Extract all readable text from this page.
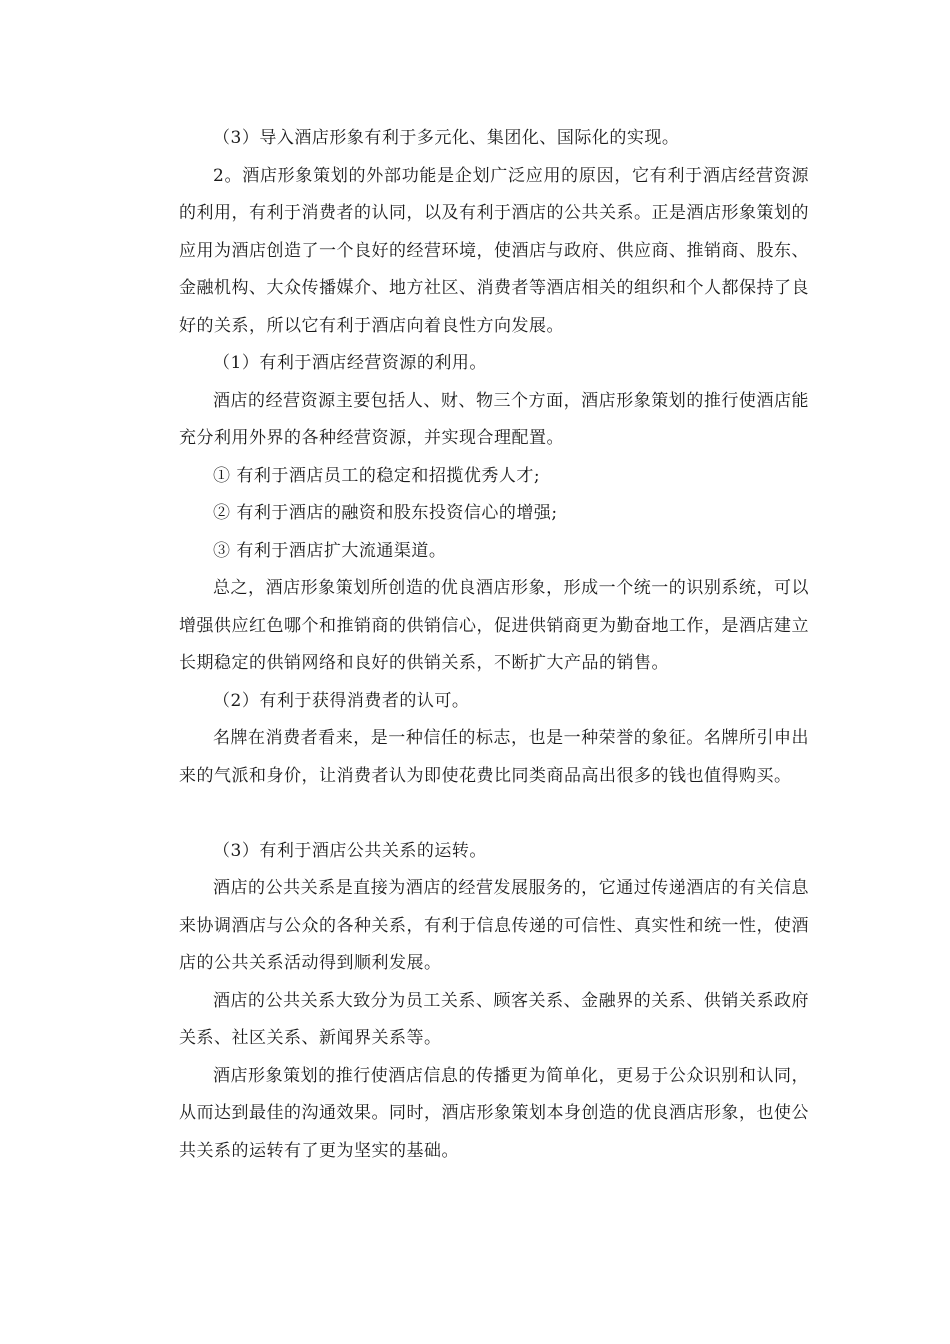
（3）导入酒店形象有利于多元化、集团化、国际化的实现。

2。酒店形象策划的外部功能是企划广泛应用的原因，它有利于酒店经营资源的利用，有利于消费者的认同，以及有利于酒店的公共关系。正是酒店形象策划的应用为酒店创造了一个良好的经营环境，使酒店与政府、供应商、推销商、股东、金融机构、大众传播媒介、地方社区、消费者等酒店相关的组织和个人都保持了良好的关系，所以它有利于酒店向着良性方向发展。

（1）有利于酒店经营资源的利用。

酒店的经营资源主要包括人、财、物三个方面，酒店形象策划的推行使酒店能充分利用外界的各种经营资源，并实现合理配置。

① 有利于酒店员工的稳定和招揽优秀人才;

② 有利于酒店的融资和股东投资信心的增强;

③ 有利于酒店扩大流通渠道。

总之，酒店形象策划所创造的优良酒店形象，形成一个统一的识别系统，可以增强供应红色哪个和推销商的供销信心，促进供销商更为勤奋地工作，是酒店建立长期稳定的供销网络和良好的供销关系，不断扩大产品的销售。

（2）有利于获得消费者的认可。

名牌在消费者看来，是一种信任的标志，也是一种荣誉的象征。名牌所引申出来的气派和身价，让消费者认为即使花费比同类商品高出很多的钱也值得购买。

（3）有利于酒店公共关系的运转。

酒店的公共关系是直接为酒店的经营发展服务的，它通过传递酒店的有关信息来协调酒店与公众的各种关系，有利于信息传递的可信性、真实性和统一性，使酒店的公共关系活动得到顺利发展。

酒店的公共关系大致分为员工关系、顾客关系、金融界的关系、供销关系政府关系、社区关系、新闻界关系等。

酒店形象策划的推行使酒店信息的传播更为简单化，更易于公众识别和认同，从而达到最佳的沟通效果。同时，酒店形象策划本身创造的优良酒店形象，也使公共关系的运转有了更为坚实的基础。
